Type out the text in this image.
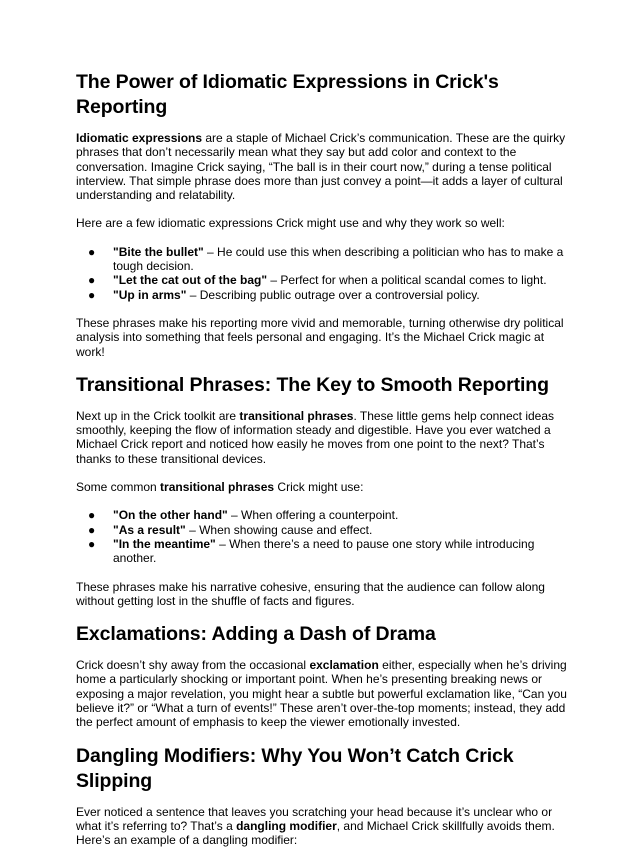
The Power of Idiomatic Expressions in Crick's Reporting

Idiomatic expressions are a staple of Michael Crick’s communication. These are the quirky phrases that don’t necessarily mean what they say but add color and context to the conversation. Imagine Crick saying, “The ball is in their court now,” during a tense political interview. That simple phrase does more than just convey a point—it adds a layer of cultural understanding and relatability.

Here are a few idiomatic expressions Crick might use and why they work so well:

● "Bite the bullet" – He could use this when describing a politician who has to make a tough decision.
● "Let the cat out of the bag" – Perfect for when a political scandal comes to light.
● "Up in arms" – Describing public outrage over a controversial policy.

These phrases make his reporting more vivid and memorable, turning otherwise dry political analysis into something that feels personal and engaging. It’s the Michael Crick magic at work!

Transitional Phrases: The Key to Smooth Reporting

Next up in the Crick toolkit are transitional phrases. These little gems help connect ideas smoothly, keeping the flow of information steady and digestible. Have you ever watched a Michael Crick report and noticed how easily he moves from one point to the next? That’s thanks to these transitional devices.

Some common transitional phrases Crick might use:

● "On the other hand" – When offering a counterpoint.
● "As a result" – When showing cause and effect.
● "In the meantime" – When there’s a need to pause one story while introducing another.

These phrases make his narrative cohesive, ensuring that the audience can follow along without getting lost in the shuffle of facts and figures.

Exclamations: Adding a Dash of Drama

Crick doesn’t shy away from the occasional exclamation either, especially when he’s driving home a particularly shocking or important point. When he’s presenting breaking news or exposing a major revelation, you might hear a subtle but powerful exclamation like, “Can you believe it?” or “What a turn of events!” These aren’t over-the-top moments; instead, they add the perfect amount of emphasis to keep the viewer emotionally invested.

Dangling Modifiers: Why You Won’t Catch Crick Slipping

Ever noticed a sentence that leaves you scratching your head because it’s unclear who or what it’s referring to? That’s a dangling modifier, and Michael Crick skillfully avoids them. Here’s an example of a dangling modifier:
